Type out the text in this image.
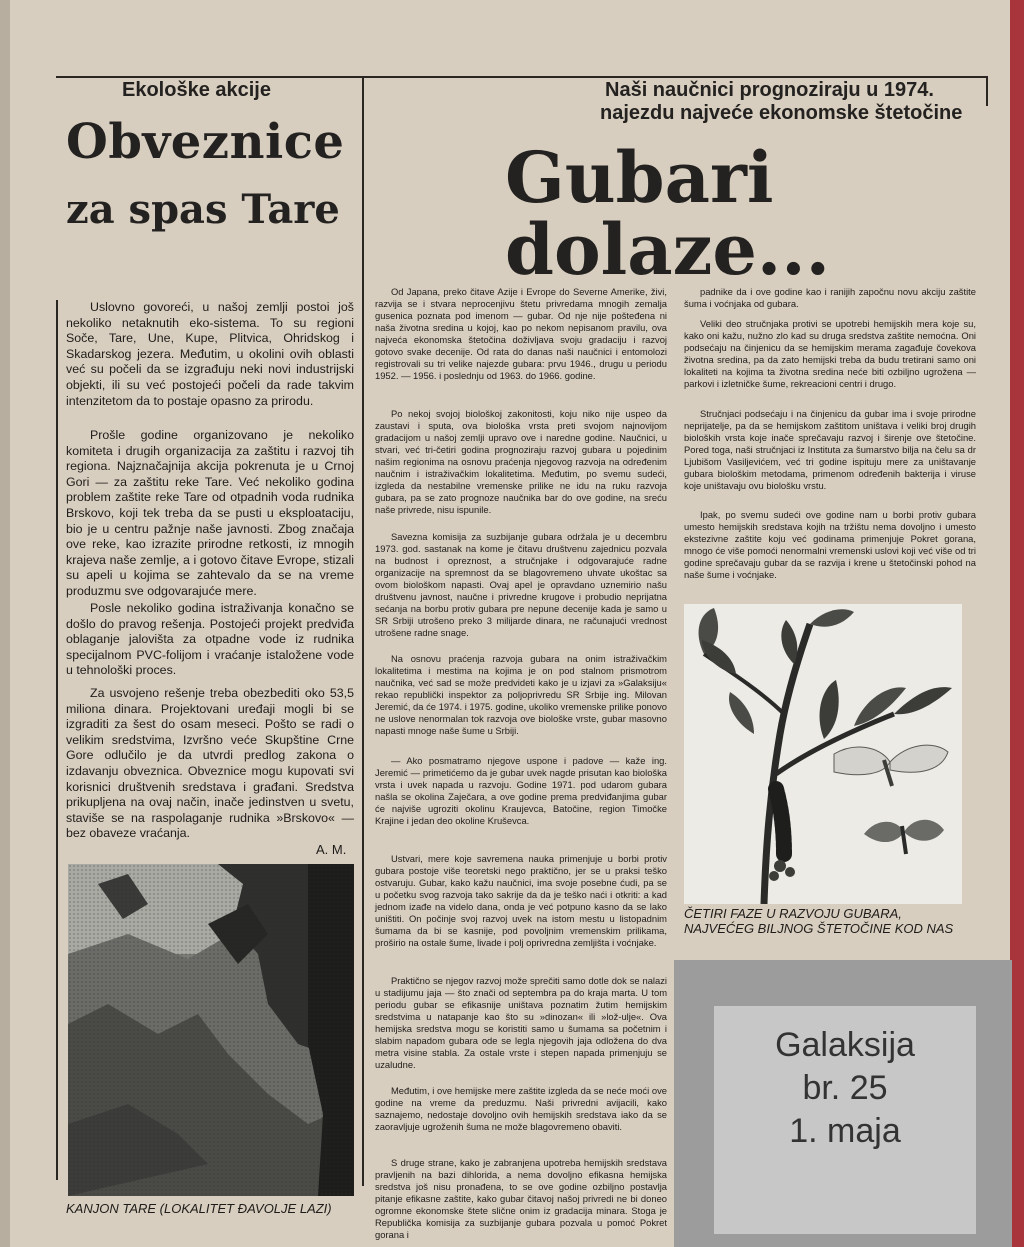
Ekološke akcije
Obveznice
za spas Tare

Uslovno govoreći, u našoj zemlji postoi još nekoliko netaknutih eko-sistema. To su regioni Soče, Tare, Une, Kupe, Plitvica, Ohridskog i Skadarskog jezera. Međutim, u okolini ovih oblasti već su počeli da se izgrađuju neki novi industrijski objekti, ili su već postojeći počeli da rade takvim intenzitetom da to postaje opasno za prirodu.

Prošle godine organizovano je nekoliko komiteta i drugih organizacija za zaštitu i razvoj tih regiona. Najznačajnija akcija pokrenuta je u Crnoj Gori — za zaštitu reke Tare. Već nekoliko godina problem zaštite reke Tare od otpadnih voda rudnika Brskovo, koji tek treba da se pusti u eksploataciju, bio je u centru pažnje naše javnosti. Zbog značaja ove reke, kao izrazite prirodne retkosti, iz mnogih krajeva naše zemlje, a i gotovo čitave Evrope, stizali su apeli u kojima se zahtevalo da se na vreme produzmu sve odgovarajuće mere.

Posle nekoliko godina istraživanja konačno se došlo do pravog rešenja. Postojeći projekt predviđa oblaganje jalovišta za otpadne vode iz rudnika specijalnom PVC-folijom i vraćanje istaložene vode u tehnološki proces.

Za usvojeno rešenje treba obezbediti oko 53,5 miliona dinara. Projektovani uređaji mogli bi se izgraditi za šest do osam meseci. Pošto se radi o velikim sredstvima, Izvršno veće Skupštine Crne Gore odlučilo je da utvrdi predlog zakona o izdavanju obveznica. Obveznice mogu kupovati svi korisnici društvenih sredstava i građani. Sredstva prikupljena na ovaj način, inače jedinstven u svetu, staviše se na raspolaganje rudnika »Brskovo« — bez obaveze vraćanja.

A. M.

KANJON TARE (LOKALITET ĐAVOLJE LAZI)

Naši naučnici prognoziraju u 1974.
najezdu najveće ekonomske štetočine
Gubari
dolaze...

Od Japana, preko čitave Azije i Evrope do Severne Amerike, živi, razvija se i stvara neprocenjivu štetu privredama mnogih zemalja gusenica poznata pod imenom — gubar. Od nje nije pošteđena ni naša životna sredina u kojoj, kao po nekom nepisanom pravilu, ova najveća ekonomska štetočina doživljava svoju gradaciju i razvoj gotovo svake decenije. Od rata do danas naši naučnici i entomolozi registrovali su tri velike najezde gubara: prvu 1946., drugu u periodu 1952. — 1956. i poslednju od 1963. do 1966. godine.

Po nekoj svojoj biološkoj zakonitosti, koju niko nije uspeo da zaustavi i sputa, ova biološka vrsta preti svojom najnovijom gradacijom u našoj zemlji upravo ove i naredne godine. Naučnici, u stvari, već tri-četiri godina prognoziraju razvoj gubara u pojedinim našim regionima na osnovu praćenja njegovog razvoja na određenim naučnim i istraživačkim lokalitetima. Međutim, po svemu sudeći, izgleda da nestabilne vremenske prilike ne idu na ruku razvoja gubara, pa se zato prognoze naučnika bar do ove godine, na sreću naše privrede, nisu ispunile.

Savezna komisija za suzbijanje gubara održala je u decembru 1973. god. sastanak na kome je čitavu društvenu zajednicu pozvala na budnost i opreznost, a stručnjake i odgovarajuće radne organizacije na spremnost da se blagovremeno uhvate ukoštac sa ovom biološkom napasti. Ovaj apel je opravdano uznemirio našu društvenu javnost, naučne i privredne krugove i probudio neprijatna sećanja na borbu protiv gubara pre nepune decenije kada je samo u SR Srbiji utrošeno preko 3 milijarde dinara, ne računajući vrednost utrošene radne snage.

Na osnovu praćenja razvoja gubara na onim istraživačkim lokalitetima i mestima na kojima je on pod stalnom prismotrom naučnika, već sad se može predvideti kako je u izjavi za »Galaksiju« rekao republički inspektor za poljoprivredu SR Srbije ing. Milovan Jeremić, da će 1974. i 1975. godine, ukoliko vremenske prilike ponovo ne uslove nenormalan tok razvoja ove biološke vrste, gubar masovno napasti mnoge naše šume u Srbiji.

— Ako posmatramo njegove uspone i padove — kaže ing. Jeremić — primetićemo da je gubar uvek nagde prisutan kao biološka vrsta i uvek napada u razvoju. Godine 1971. pod udarom gubara našla se okolina Zaječara, a ove godine prema predviđanjima gubar će najviše ugroziti okolinu Kraujevca, Batočine, region Timočke Krajine i jedan deo okoline Kruševca.

Ustvari, mere koje savremena nauka primenjuje u borbi protiv gubara postoje više teoretski nego praktično, jer se u praksi teško ostvaruju. Gubar, kako kažu naučnici, ima svoje posebne ćudi, pa se u početku svog razvoja tako sakrije da da je teško naći i otkriti: a kad jednom izađe na videlo dana, onda je već potpuno kasno da se lako uništiti. On počinje svoj razvoj uvek na istom mestu u listopadnim šumama da bi se kasnije, pod povoljnim vremenskim prilikama, proširio na ostale šume, livade i polj oprivredna zemljišta i voćnjake.

Praktično se njegov razvoj može sprečiti samo dotle dok se nalazi u stadijumu jaja — što znači od septembra pa do kraja marta. U tom periodu gubar se efikasnije uništava poznatim žutim hemijskim sredstvima u natapanje kao što su »dinozan« ili »lož-ulje«. Ova hemijska sredstva mogu se koristiti samo u šumama sa početnim i slabim napadom gubara ode se legla njegovih jaja odložena do dva metra visine stabla. Za ostale vrste i stepen napada primenjuju se uzaludne.

Međutim, i ove hemijske mere zaštite izgleda da se neće moći ove godine na vreme da preduzmu. Naši privredni avijacili, kako saznajemo, nedostaje dovoljno ovih hemijskih sredstava iako da se zaoravljuje ugroženih šuma ne može blagovremeno obaviti.

S druge strane, kako je zabranjena upotreba hemijskih sredstava pravljenih na bazi dihlorida, a nema dovoljno efikasna hemijska sredstva još nisu pronađena, to se ove godine ozbiljno postavlja pitanje efikasne zaštite, kako gubar čitavoj našoj privredi ne bi doneo ogromne ekonomske štete slične onim iz gradacija minara. Stoga je Republička komisija za suzbijanje gubara pozvala u pomoć Pokret gorana i

padnike da i ove godine kao i ranijih započnu novu akciju zaštite šuma i voćnjaka od gubara.

Veliki deo stručnjaka protivi se upotrebi hemijskih mera koje su, kako oni kažu, nužno zlo kad su druga sredstva zaštite nemoćna. Oni podsećaju na činjenicu da se hemijskim merama zagađuje čovekova životna sredina, pa da zato hemijski treba da budu tretirani samo oni lokaliteti na kojima ta životna sredina neće biti ozbiljno ugrožena — parkovi i izletničke šume, rekreacioni centri i drugo.

Stručnjaci podsećaju i na činjenicu da gubar ima i svoje prirodne neprijatelje, pa da se hemijskom zaštitom uništava i veliki broj drugih bioloških vrsta koje inače sprečavaju razvoj i širenje ove štetočine. Pored toga, naši stručnjaci iz Instituta za šumarstvo bilja na čelu sa dr Ljubišom Vasiljevićem, već tri godine ispituju mere za uništavanje gubara biološkim metodama, primenom određenih bakterija i viruse koje uništavaju ovu biološku vrstu.

Ipak, po svemu sudeći ove godine nam u borbi protiv gubara umesto hemijskih sredstava kojih na tržištu nema dovoljno i umesto ekstezivne zaštite koju već godinama primenjuje Pokret gorana, mnogo će više pomoći nenormalni vremenski uslovi koji već više od tri godine sprečavaju gubar da se razvija i krene u štetočinski pohod na naše šume i voćnjake.

ČETIRI FAZE U RAZVOJU GUBARA, NAJVEĆEG BILJNOG ŠTETOČINE KOD NAS

Galaksija
br. 25
1. maja
